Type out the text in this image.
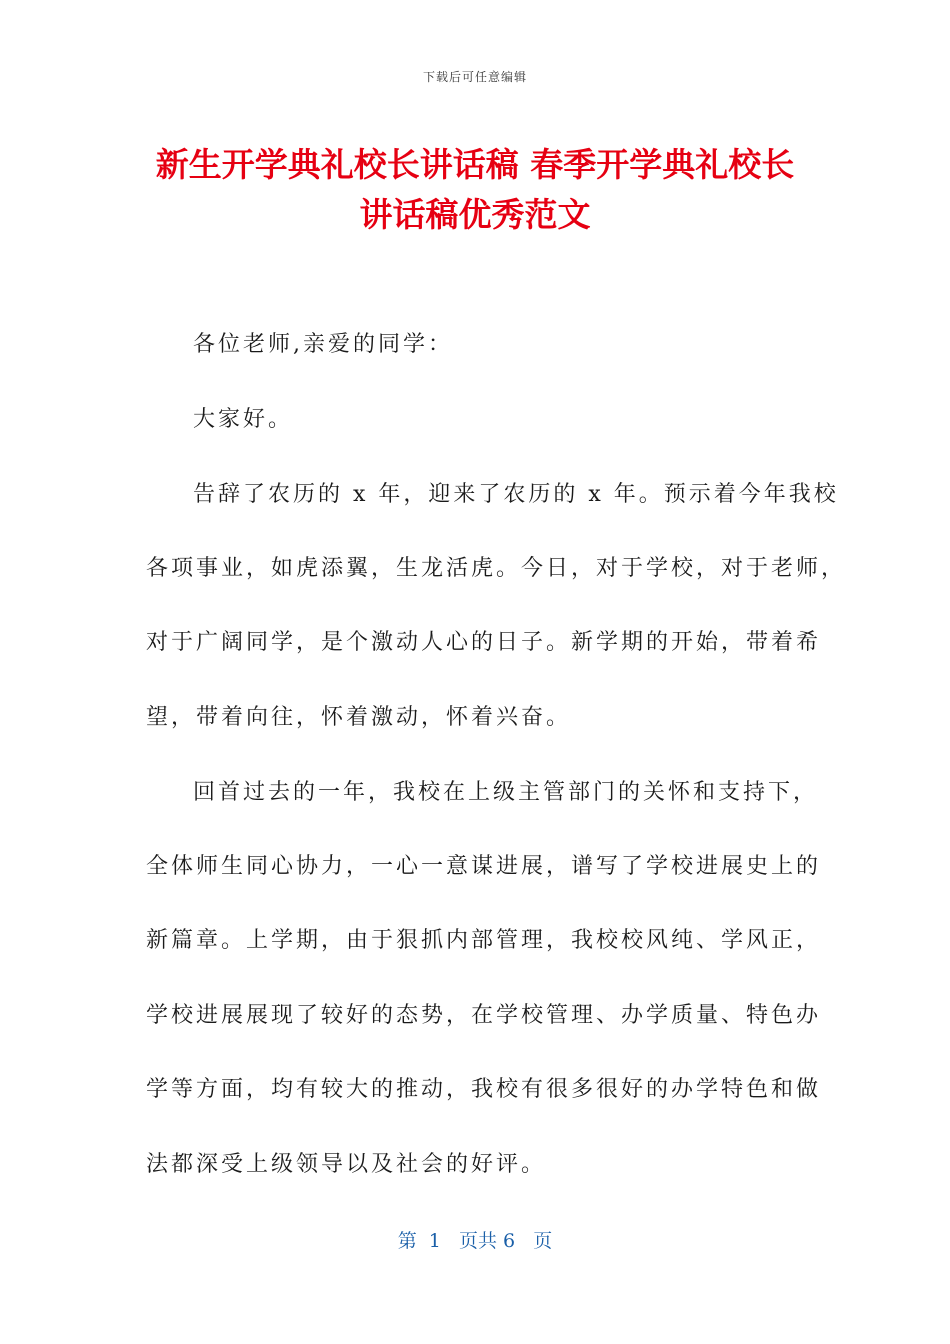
下载后可任意编辑
新生开学典礼校长讲话稿 春季开学典礼校长
讲话稿优秀范文
各位老师,亲爱的同学：
大家好。
告辞了农历的 x 年，迎来了农历的 x 年。预示着今年我校
各项事业，如虎添翼，生龙活虎。今日，对于学校，对于老师，
对于广阔同学，是个激动人心的日子。新学期的开始，带着希
望，带着向往，怀着激动，怀着兴奋。
回首过去的一年，我校在上级主管部门的关怀和支持下，
全体师生同心协力，一心一意谋进展，谱写了学校进展史上的
新篇章。上学期，由于狠抓内部管理，我校校风纯、学风正，
学校进展展现了较好的态势，在学校管理、办学质量、特色办
学等方面，均有较大的推动，我校有很多很好的办学特色和做
法都深受上级领导以及社会的好评。
第  1   页共 6   页
